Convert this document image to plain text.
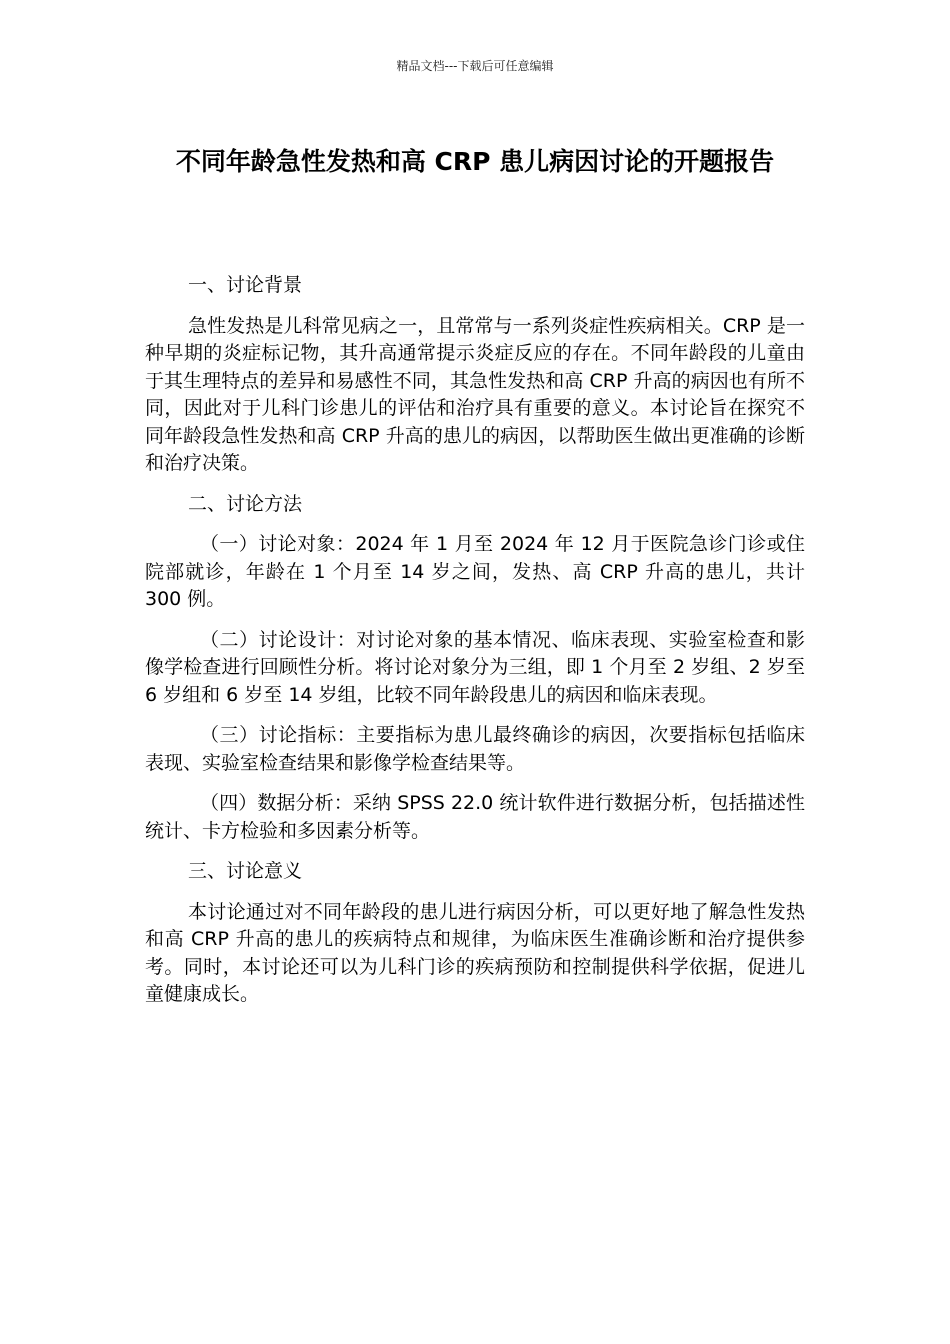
精品文档---下载后可任意编辑
不同年龄急性发热和高 CRP 患儿病因讨论的开题报告

一、讨论背景

急性发热是儿科常见病之一，且常常与一系列炎症性疾病相关。CRP 是一种早期的炎症标记物，其升高通常提示炎症反应的存在。不同年龄段的儿童由于其生理特点的差异和易感性不同，其急性发热和高 CRP 升高的病因也有所不同，因此对于儿科门诊患儿的评估和治疗具有重要的意义。本讨论旨在探究不同年龄段急性发热和高 CRP 升高的患儿的病因，以帮助医生做出更准确的诊断和治疗决策。

二、讨论方法

（一）讨论对象：2024 年 1 月至 2024 年 12 月于医院急诊门诊或住院部就诊，年龄在 1 个月至 14 岁之间，发热、高 CRP 升高的患儿，共计 300 例。

（二）讨论设计：对讨论对象的基本情况、临床表现、实验室检查和影像学检查进行回顾性分析。将讨论对象分为三组，即 1 个月至 2 岁组、2 岁至 6 岁组和 6 岁至 14 岁组，比较不同年龄段患儿的病因和临床表现。

（三）讨论指标：主要指标为患儿最终确诊的病因，次要指标包括临床表现、实验室检查结果和影像学检查结果等。

（四）数据分析：采纳 SPSS 22.0 统计软件进行数据分析，包括描述性统计、卡方检验和多因素分析等。

三、讨论意义

本讨论通过对不同年龄段的患儿进行病因分析，可以更好地了解急性发热和高 CRP 升高的患儿的疾病特点和规律，为临床医生准确诊断和治疗提供参考。同时，本讨论还可以为儿科门诊的疾病预防和控制提供科学依据，促进儿童健康成长。
